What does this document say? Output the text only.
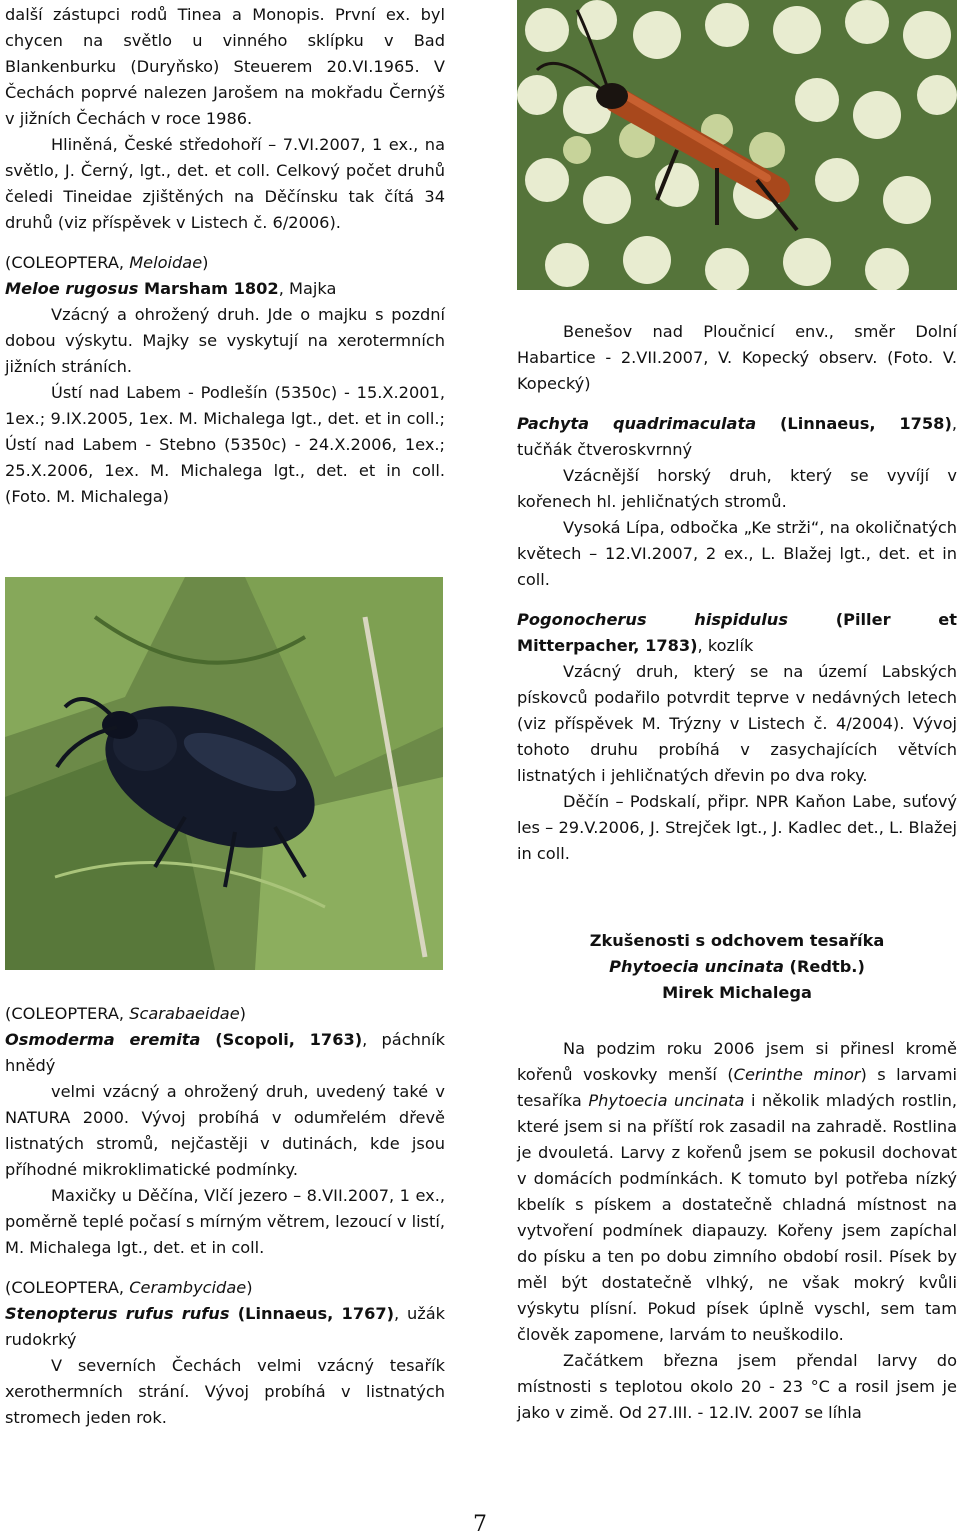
další zástupci rodů Tinea a Monopis. První ex. byl chycen na světlo u vinného sklípku v Bad Blankenburku (Duryňsko) Steuerem 20.VI.1965. V Čechách poprvé nalezen Jarošem na mokřadu Černýš v jižních Čechách v roce 1986.

Hliněná, České středohoří – 7.VI.2007, 1 ex., na světlo, J. Černý, lgt., det. et coll. Celkový počet druhů čeledi Tineidae zjištěných na Děčínsku tak čítá 34 druhů (viz příspěvek v Listech č. 6/2006).

(COLEOPTERA, Meloidae)

Meloe rugosus Marsham 1802, Majka

Vzácný a ohrožený druh. Jde o majku s pozdní dobou výskytu. Majky se vyskytují na xerotermních jižních stráních.

Ústí nad Labem - Podlešín (5350c) - 15.X.2001, 1ex.; 9.IX.2005, 1ex. M. Michalega lgt., det. et in coll.; Ústí nad Labem - Stebno (5350c) - 24.X.2006, 1ex.; 25.X.2006, 1ex. M. Michalega lgt., det. et in coll. (Foto. M. Michalega)

(COLEOPTERA, Scarabaeidae)

Osmoderma eremita (Scopoli, 1763), páchník hnědý

velmi vzácný a ohrožený druh, uvedený také v NATURA 2000. Vývoj probíhá v odumřelém dřevě listnatých stromů, nejčastěji v dutinách, kde jsou příhodné mikroklimatické podmínky.

Maxičky u Děčína, Vlčí jezero – 8.VII.2007, 1 ex., poměrně teplé počasí s mírným větrem, lezoucí v listí, M. Michalega lgt., det. et in coll.

(COLEOPTERA, Cerambycidae)

Stenopterus rufus rufus (Linnaeus, 1767), užák rudokrký

V severních Čechách velmi vzácný tesařík xerothermních strání. Vývoj probíhá v listnatých stromech jeden rok.

Benešov nad Ploučnicí env., směr Dolní Habartice - 2.VII.2007, V. Kopecký observ. (Foto. V. Kopecký)

Pachyta quadrimaculata (Linnaeus, 1758), tučňák čtveroskvrnný

Vzácnější horský druh, který se vyvíjí v kořenech hl. jehličnatých stromů.

Vysoká Lípa, odbočka „Ke strži“, na okoličnatých květech – 12.VI.2007, 2 ex., L. Blažej lgt., det. et in coll.

Pogonocherus hispidulus (Piller et Mitterpacher, 1783), kozlík

Vzácný druh, který se na území Labských pískovců podařilo potvrdit teprve v nedávných letech (viz příspěvek M. Trýzny v Listech č. 4/2004). Vývoj tohoto druhu probíhá v zasychajících větvích listnatých i jehličnatých dřevin po dva roky.

Děčín – Podskalí, připr. NPR Kaňon Labe, suťový les – 29.V.2006, J. Strejček lgt., J. Kadlec det., L. Blažej in coll.

Zkušenosti s odchovem tesaříka

Phytoecia uncinata (Redtb.)

Mirek Michalega

Na podzim roku 2006 jsem si přinesl kromě kořenů voskovky menší (Cerinthe minor) s larvami tesaříka Phytoecia uncinata i několik mladých rostlin, které jsem si na příští rok zasadil na zahradě. Rostlina je dvouletá. Larvy z kořenů jsem se pokusil dochovat v domácích podmínkách. K tomuto byl potřeba nízký kbelík s pískem a dostatečně chladná místnost na vytvoření podmínek diapauzy. Kořeny jsem zapíchal do písku a ten po dobu zimního období rosil. Písek by měl být dostatečně vlhký, ne však mokrý kvůli výskytu plísní. Pokud písek úplně vyschl, sem tam člověk zapomene, larvám to neuškodilo.

Začátkem března jsem přendal larvy do místnosti s teplotou okolo 20 - 23 °C a rosil jsem je jako v zimě. Od 27.III. - 12.IV. 2007 se líhla

7
